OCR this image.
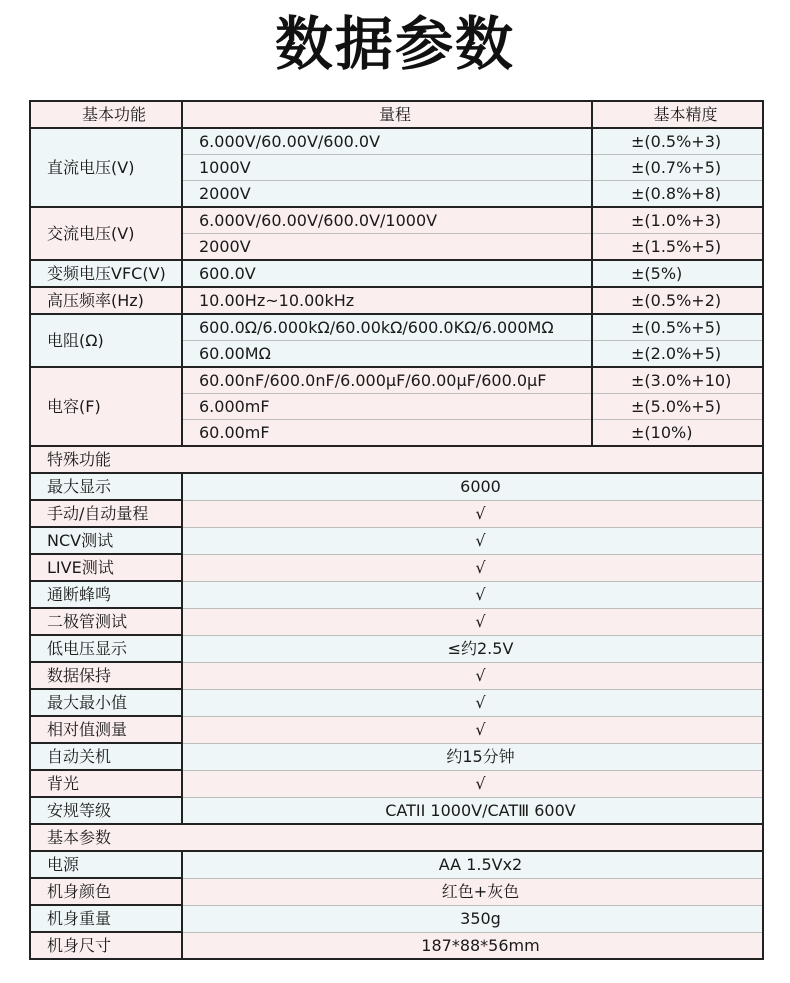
数据参数
基本功能	量程	基本精度
直流电压(V)	6.000V/60.00V/600.0V	±(0.5%+3)
	1000V	±(0.7%+5)
	2000V	±(0.8%+8)
交流电压(V)	6.000V/60.00V/600.0V/1000V	±(1.0%+3)
	2000V	±(1.5%+5)
变频电压VFC(V)	600.0V	±(5%)
高压频率(Hz)	10.00Hz~10.00kHz	±(0.5%+2)
电阻(Ω)	600.0Ω/6.000kΩ/60.00kΩ/600.0KΩ/6.000MΩ	±(0.5%+5)
	60.00MΩ	±(2.0%+5)
电容(F)	60.00nF/600.0nF/6.000μF/60.00μF/600.0μF	±(3.0%+10)
	6.000mF	±(5.0%+5)
	60.00mF	±(10%)
特殊功能		
最大显示	6000	
手动/自动量程	√	
NCV测试	√	
LIVE测试	√	
通断蜂鸣	√	
二极管测试	√	
低电压显示	≤约2.5V	
数据保持	√	
最大最小值	√	
相对值测量	√	
自动关机	约15分钟	
背光	√	
安规等级	CATII 1000V/CATⅢ 600V	
基本参数		
电源	AA 1.5Vx2	
机身颜色	红色+灰色	
机身重量	350g	
机身尺寸	187*88*56mm	
